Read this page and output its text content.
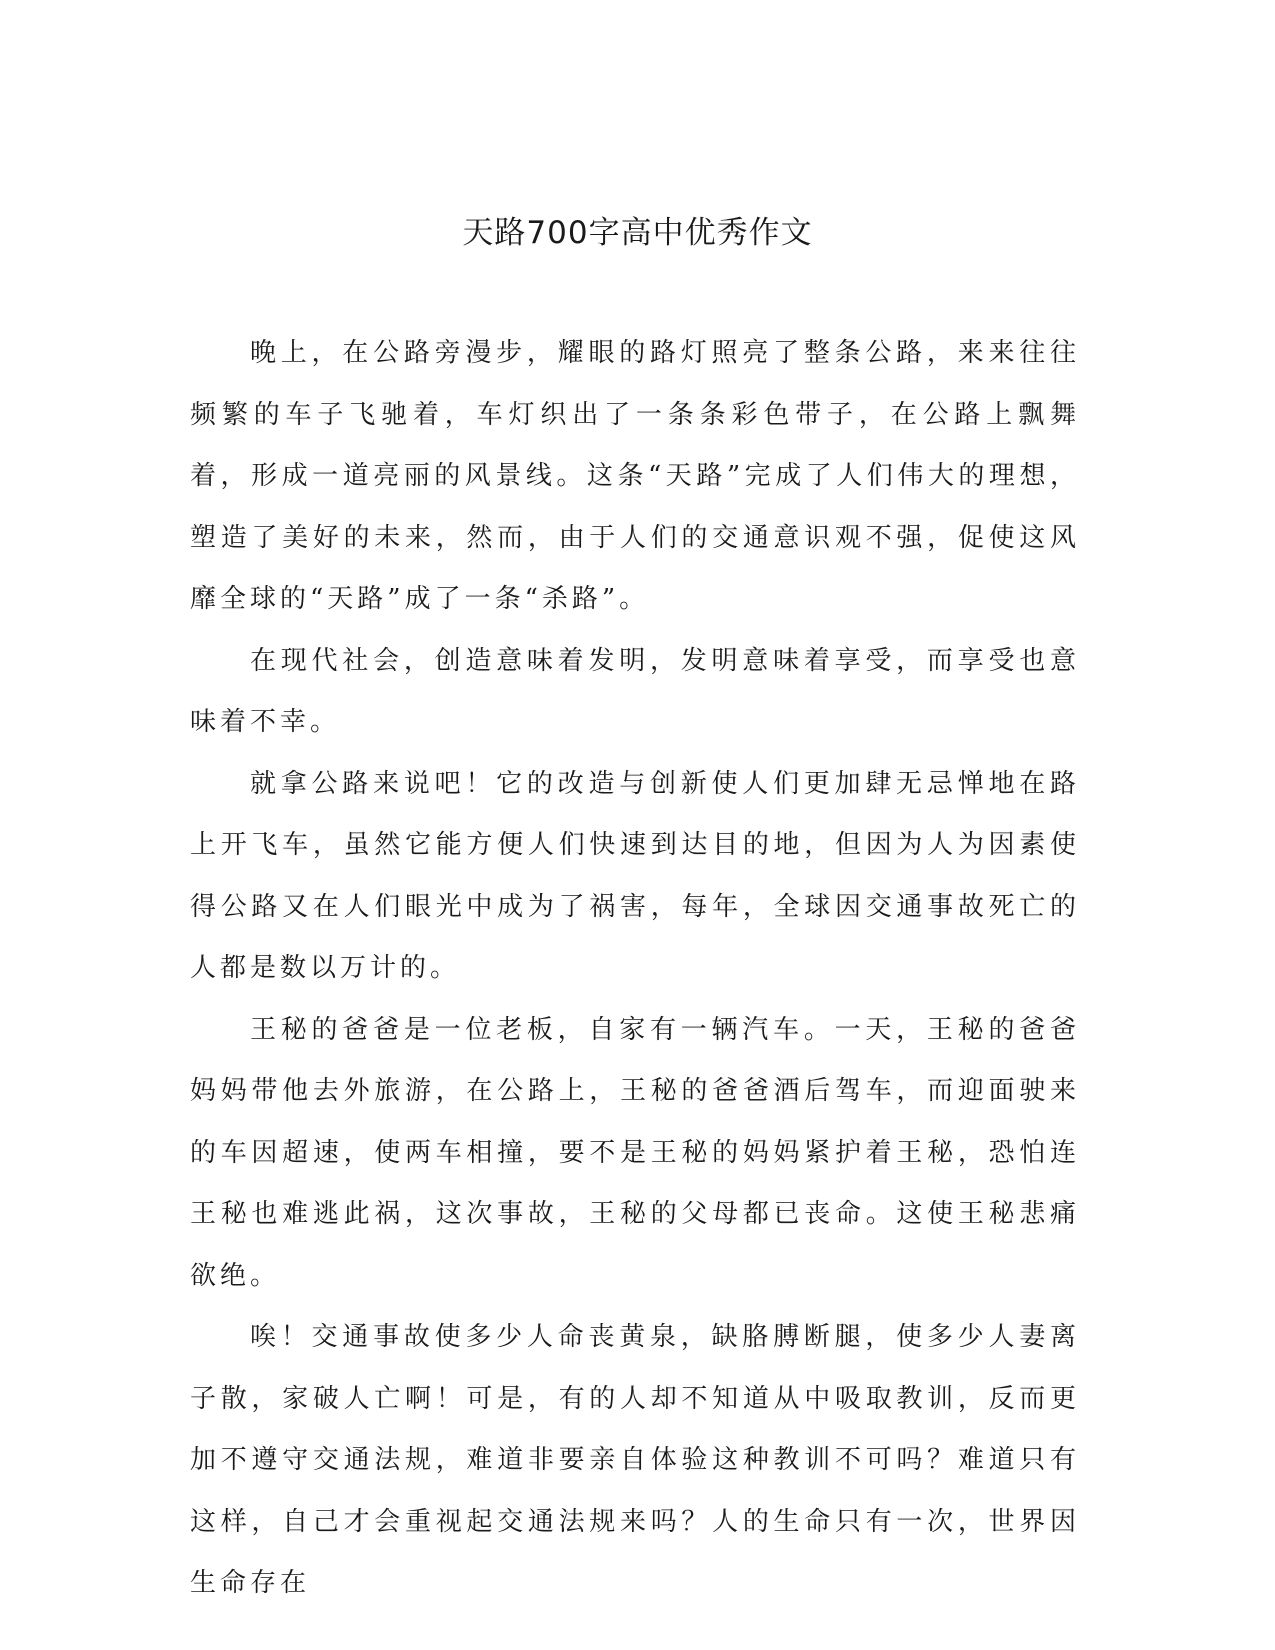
天路700字高中优秀作文

晚上，在公路旁漫步，耀眼的路灯照亮了整条公路，来来往往频繁的车子飞驰着，车灯织出了一条条彩色带子，在公路上飘舞着，形成一道亮丽的风景线。这条“天路”完成了人们伟大的理想，塑造了美好的未来，然而，由于人们的交通意识观不强，促使这风靡全球的“天路”成了一条“杀路”。

在现代社会，创造意味着发明，发明意味着享受，而享受也意味着不幸。

就拿公路来说吧！它的改造与创新使人们更加肆无忌惮地在路上开飞车，虽然它能方便人们快速到达目的地，但因为人为因素使得公路又在人们眼光中成为了祸害，每年，全球因交通事故死亡的人都是数以万计的。

王秘的爸爸是一位老板，自家有一辆汽车。一天，王秘的爸爸妈妈带他去外旅游，在公路上，王秘的爸爸酒后驾车，而迎面驶来的车因超速，使两车相撞，要不是王秘的妈妈紧护着王秘，恐怕连王秘也难逃此祸，这次事故，王秘的父母都已丧命。这使王秘悲痛欲绝。

唉！交通事故使多少人命丧黄泉，缺胳膊断腿，使多少人妻离子散，家破人亡啊！可是，有的人却不知道从中吸取教训，反而更加不遵守交通法规，难道非要亲自体验这种教训不可吗？难道只有这样，自己才会重视起交通法规来吗？人的生命只有一次，世界因生命存在
